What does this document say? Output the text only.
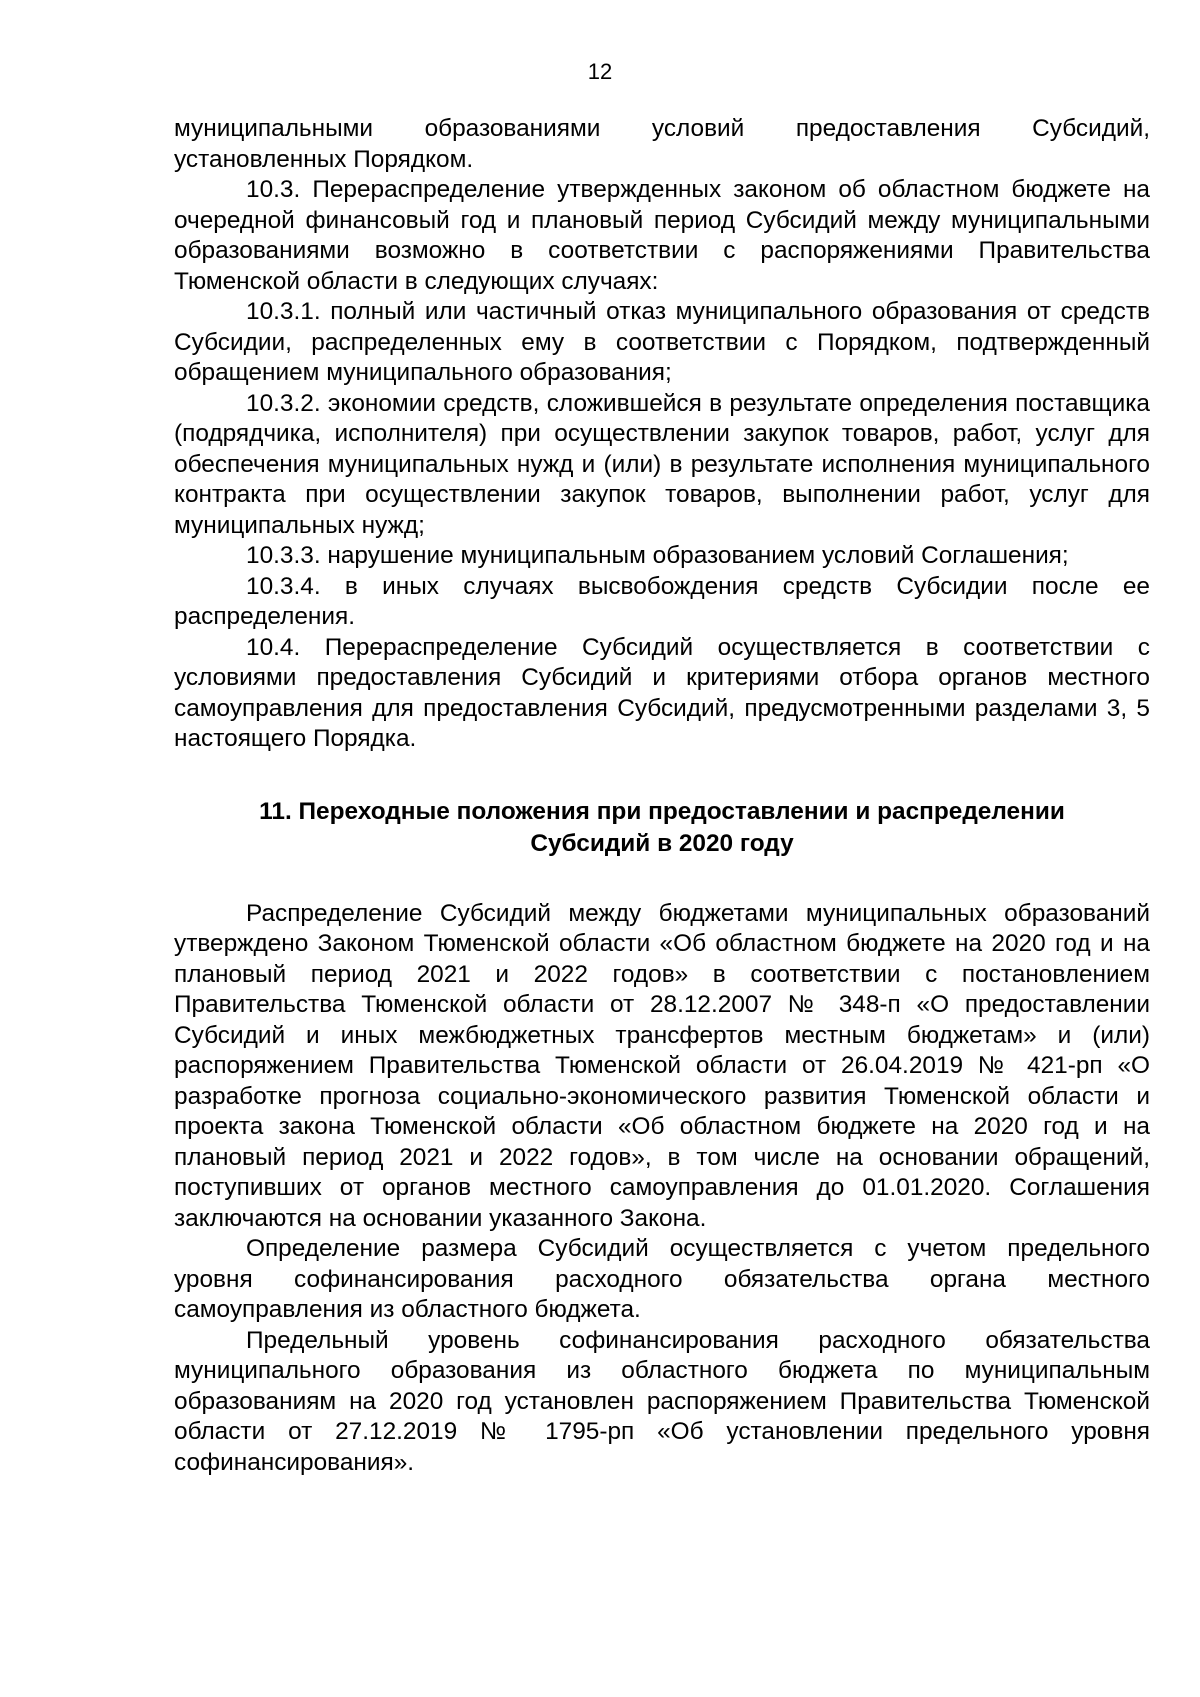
12

муниципальными образованиями условий предоставления Субсидий, установленных Порядком.

10.3. Перераспределение утвержденных законом об областном бюджете на очередной финансовый год и плановый период Субсидий между муниципальными образованиями возможно в соответствии с распоряжениями Правительства Тюменской области в следующих случаях:

10.3.1. полный или частичный отказ муниципального образования от средств Субсидии, распределенных ему в соответствии с Порядком, подтвержденный обращением муниципального образования;

10.3.2. экономии средств, сложившейся в результате определения поставщика (подрядчика, исполнителя) при осуществлении закупок товаров, работ, услуг для обеспечения муниципальных нужд и (или) в результате исполнения муниципального контракта при осуществлении закупок товаров, выполнении работ, услуг для муниципальных нужд;

10.3.3. нарушение муниципальным образованием условий Соглашения;

10.3.4. в иных случаях высвобождения средств Субсидии после ее распределения.

10.4. Перераспределение Субсидий осуществляется в соответствии с условиями предоставления Субсидий и критериями отбора органов местного самоуправления для предоставления Субсидий, предусмотренными разделами 3, 5 настоящего Порядка.

11. Переходные положения при предоставлении и распределении
Субсидий в 2020 году

Распределение Субсидий между бюджетами муниципальных образований утверждено Законом Тюменской области «Об областном бюджете на 2020 год и на плановый период 2021 и 2022 годов» в соответствии с постановлением Правительства Тюменской области от 28.12.2007 № 348-п «О предоставлении Субсидий и иных межбюджетных трансфертов местным бюджетам» и (или) распоряжением Правительства Тюменской области от 26.04.2019 № 421-рп «О разработке прогноза социально-экономического развития Тюменской области и проекта закона Тюменской области «Об областном бюджете на 2020 год и на плановый период 2021 и 2022 годов», в том числе на основании обращений, поступивших от органов местного самоуправления до 01.01.2020. Соглашения заключаются на основании указанного Закона.

Определение размера Субсидий осуществляется с учетом предельного уровня софинансирования расходного обязательства органа местного самоуправления из областного бюджета.

Предельный уровень софинансирования расходного обязательства муниципального образования из областного бюджета по муниципальным образованиям на 2020 год установлен распоряжением Правительства Тюменской области от 27.12.2019 № 1795-рп «Об установлении предельного уровня софинансирования».
